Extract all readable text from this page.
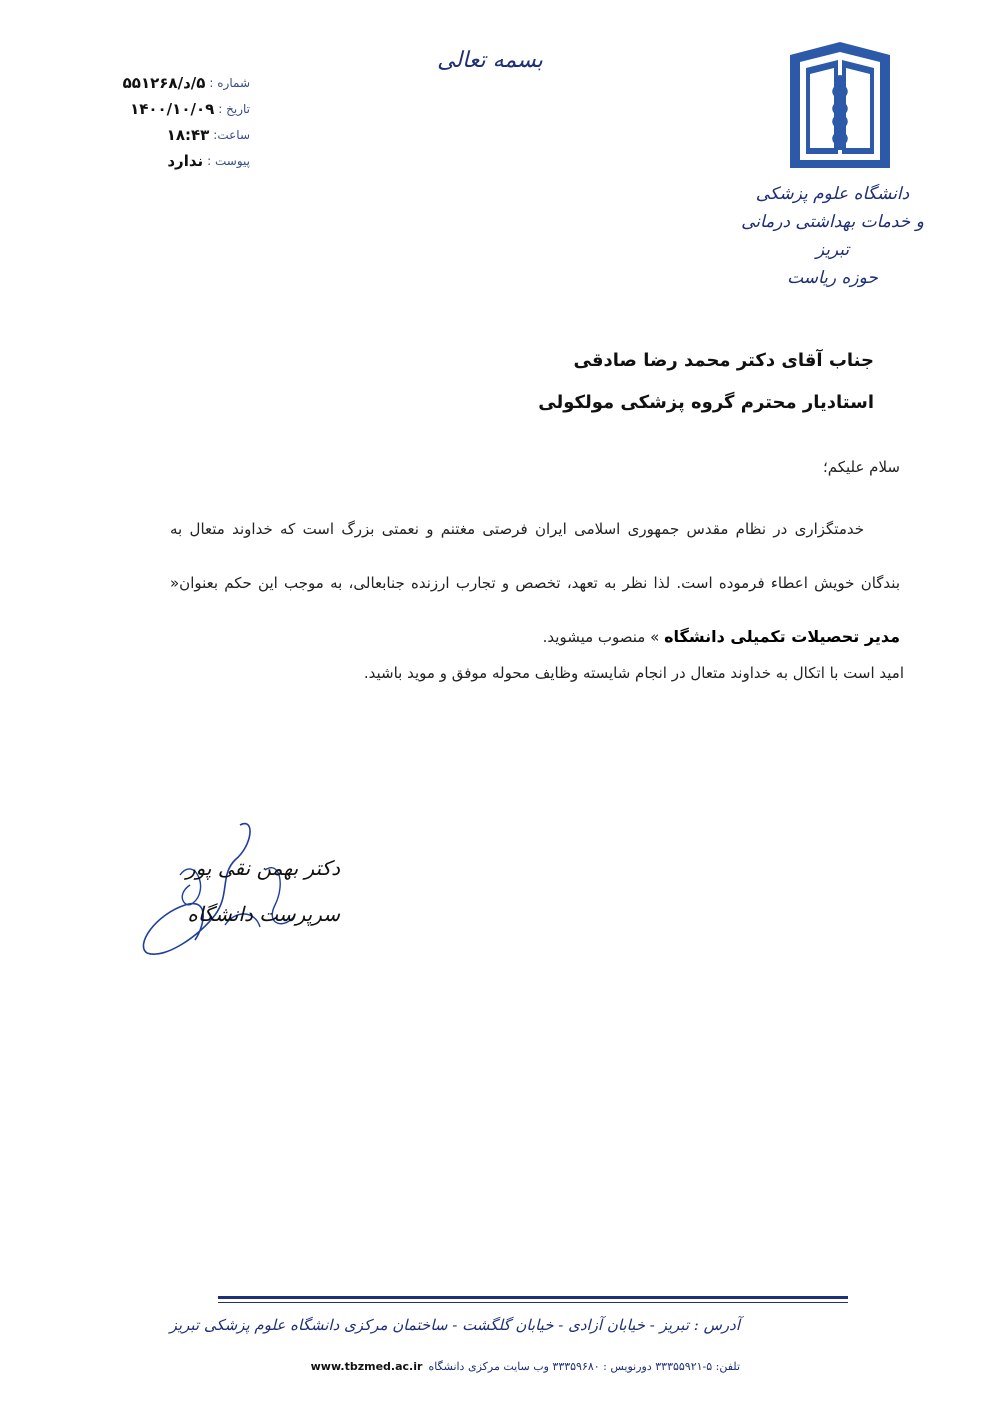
شماره :
۵/د/۵۵۱۲۶۸
تاریخ :
۱۴۰۰/۱۰/۰۹
ساعت:
۱۸:۴۳
پیوست :
ندارد
بسمه تعالی
دانشگاه علوم پزشکی
و خدمات بهداشتی درمانی تبریز
حوزه ریاست
جناب آقای دکتر محمد رضا صادقی
استادیار محترم گروه پزشکی مولکولی
سلام علیکم؛
خدمتگزاری در نظام مقدس جمهوری اسلامی ایران فرصتی مغتنم و نعمتی بزرگ است که خداوند متعال به بندگان خویش اعطاء فرموده است. لذا نظر به تعهد، تخصص و تجارب ارزنده جنابعالی، به موجب این حکم بعنوان« مدیر تحصیلات تکمیلی دانشگاه » منصوب میشوید.
امید است با اتکال به خداوند متعال در انجام شایسته وظایف محوله موفق و موید باشید.
دکتر بهمن نقی پور
سرپرست دانشگاه
آدرس : تبریز - خیابان آزادی - خیابان گلگشت - ساختمان مرکزی دانشگاه علوم پزشکی تبریز
تلفن: ۵-۳۳۳۵۵۹۲۱ دورنویس : ۳۳۳۵۹۶۸۰ وب سایت مرکزی دانشگاه
www.tbzmed.ac.ir
